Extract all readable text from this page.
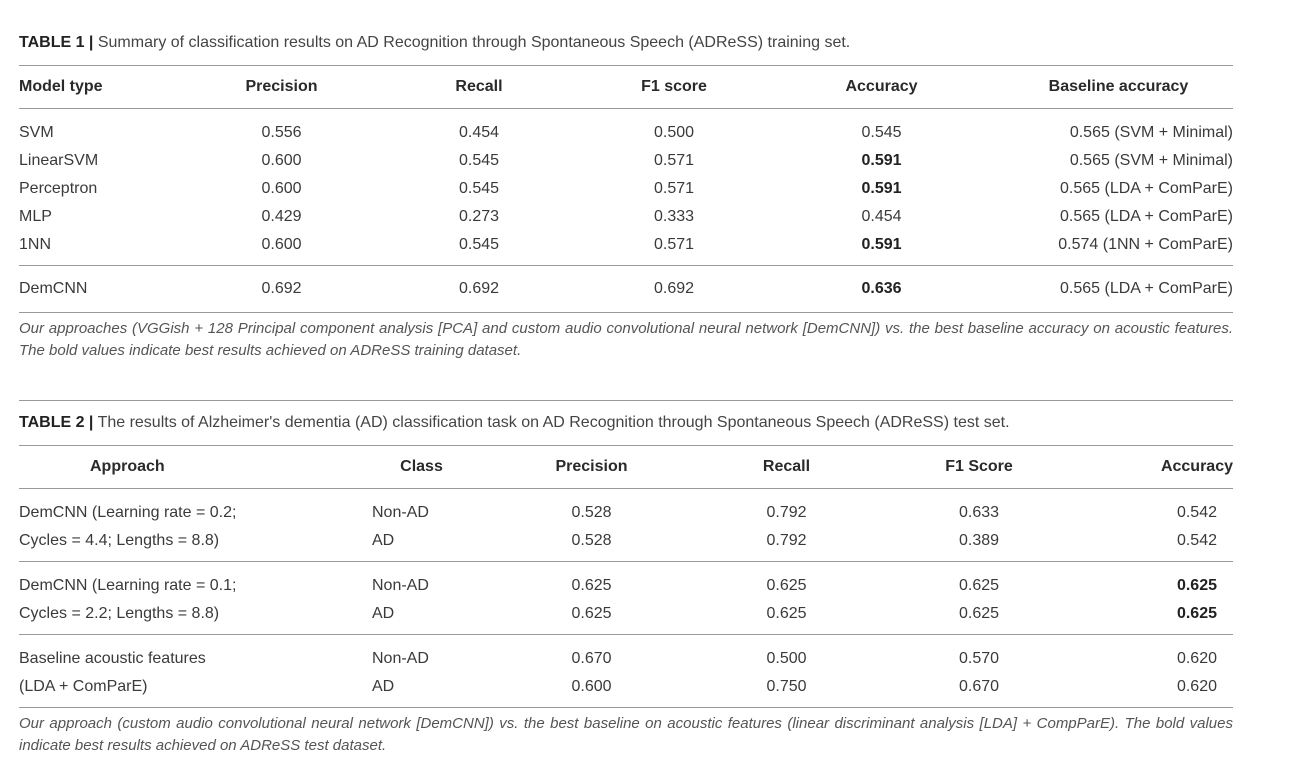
TABLE 1 | Summary of classification results on AD Recognition through Spontaneous Speech (ADReSS) training set.

Model type	Precision	Recall	F1 score	Accuracy	Baseline accuracy
SVM	0.556	0.454	0.500	0.545	0.565 (SVM + Minimal)
LinearSVM	0.600	0.545	0.571	0.591	0.565 (SVM + Minimal)
Perceptron	0.600	0.545	0.571	0.591	0.565 (LDA + ComParE)
MLP	0.429	0.273	0.333	0.454	0.565 (LDA + ComParE)
1NN	0.600	0.545	0.571	0.591	0.574 (1NN + ComParE)
DemCNN	0.692	0.692	0.692	0.636	0.565 (LDA + ComParE)

Our approaches (VGGish + 128 Principal component analysis [PCA] and custom audio convolutional neural network [DemCNN]) vs. the best baseline accuracy on acoustic features. The bold values indicate best results achieved on ADReSS training dataset.

TABLE 2 | The results of Alzheimer's dementia (AD) classification task on AD Recognition through Spontaneous Speech (ADReSS) test set.

Approach	Class	Precision	Recall	F1 Score	Accuracy
DemCNN (Learning rate = 0.2;	Non-AD	0.528	0.792	0.633	0.542
Cycles = 4.4; Lengths = 8.8)	AD	0.528	0.792	0.389	0.542
DemCNN (Learning rate = 0.1;	Non-AD	0.625	0.625	0.625	0.625
Cycles = 2.2; Lengths = 8.8)	AD	0.625	0.625	0.625	0.625
Baseline acoustic features	Non-AD	0.670	0.500	0.570	0.620
(LDA + ComParE)	AD	0.600	0.750	0.670	0.620

Our approach (custom audio convolutional neural network [DemCNN]) vs. the best baseline on acoustic features (linear discriminant analysis [LDA] + CompParE). The bold values indicate best results achieved on ADReSS test dataset.
